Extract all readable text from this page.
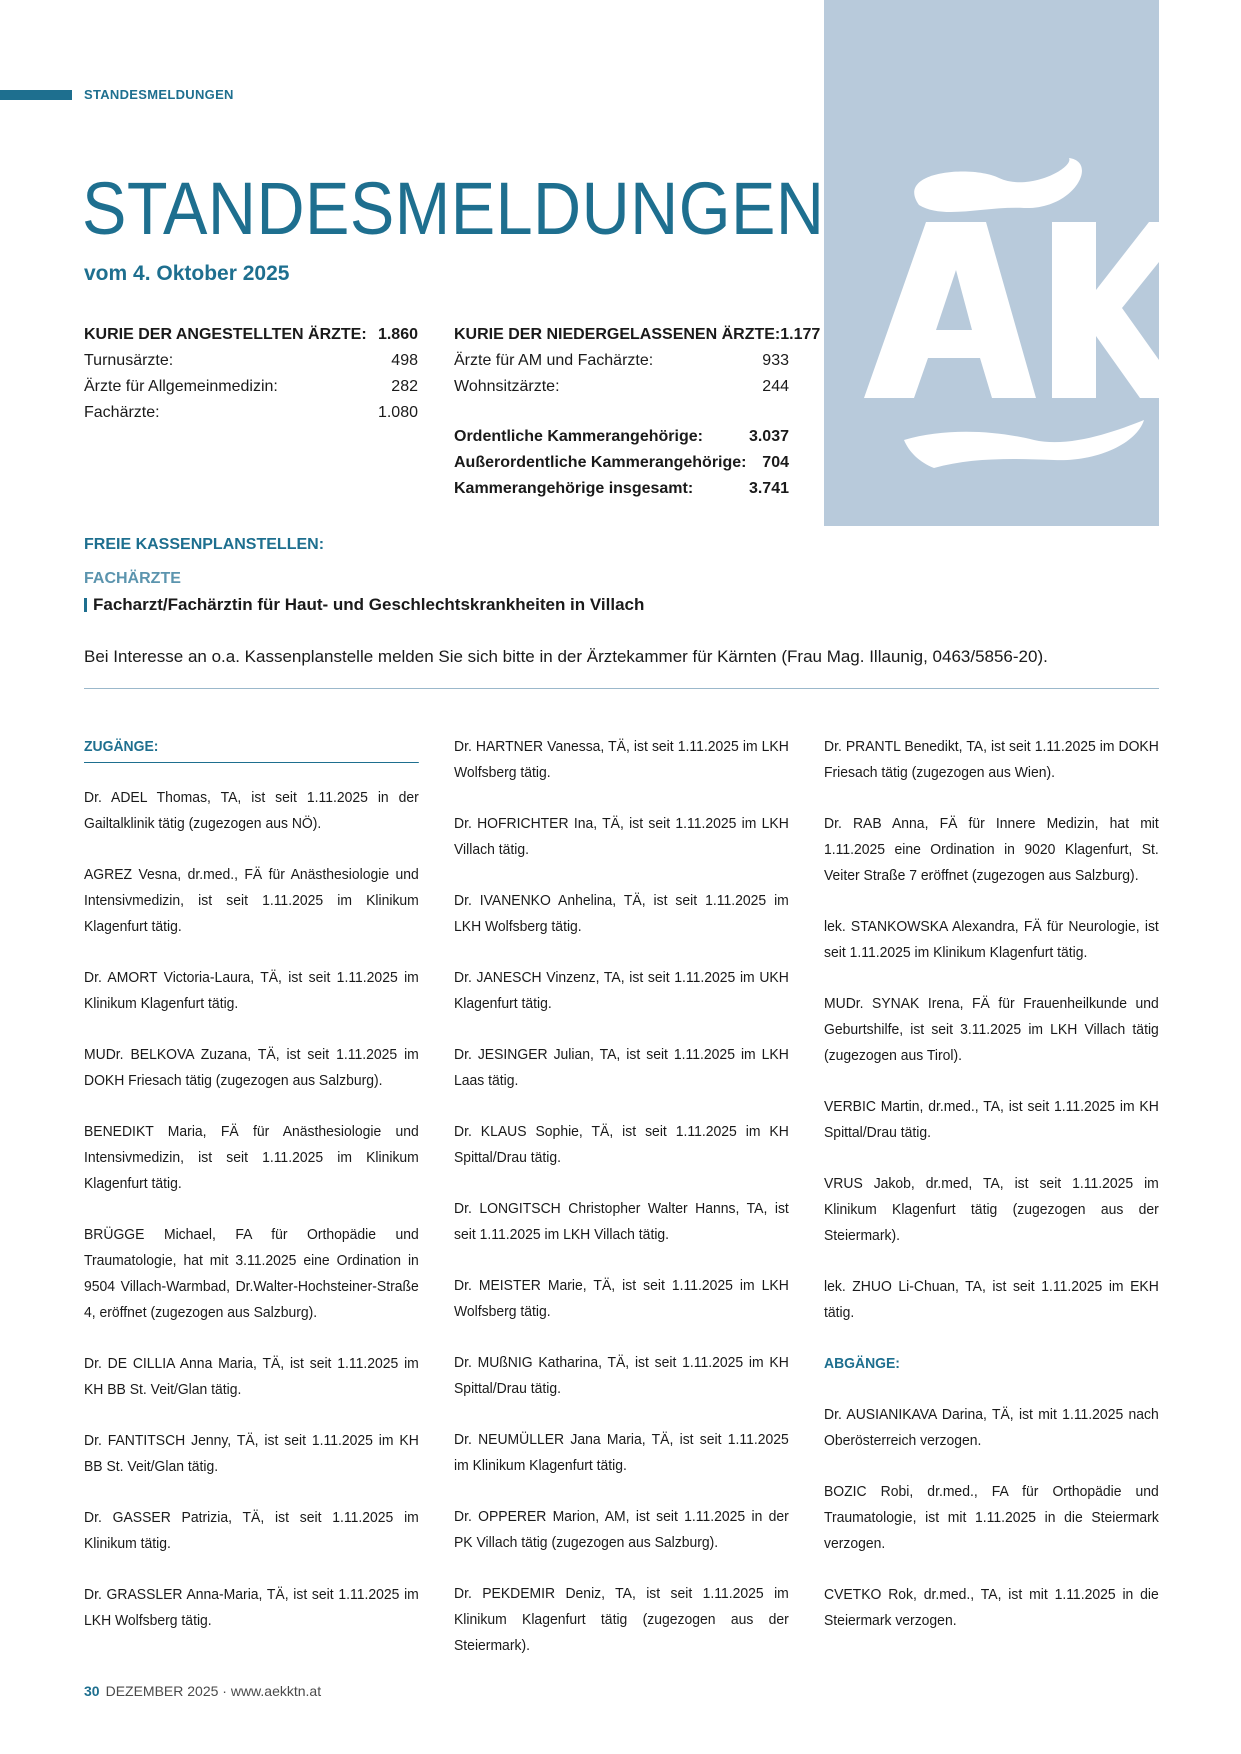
STANDESMELDUNGEN
STANDESMELDUNGEN
vom 4. Oktober 2025
KURIE DER ANGESTELLTEN ÄRZTE: 1.860
Turnusärzte:	498
Ärzte für Allgemeinmedizin:	282
Fachärzte:	1.080
KURIE DER NIEDERGELASSENEN ÄRZTE: 1.177
Ärzte für AM und Fachärzte:	933
Wohnsitzärzte:	244
Ordentliche Kammerangehörige:	3.037
Außerordentliche Kammerangehörige: 704
Kammerangehörige insgesamt:	3.741
FREIE KASSENPLANSTELLEN:
FACHÄRZTE
Facharzt/Fachärztin für Haut- und Geschlechtskrankheiten in Villach
Bei Interesse an o.a. Kassenplanstelle melden Sie sich bitte in der Ärztekammer für Kärnten (Frau Mag. Illaunig, 0463/5856-20).
ZUGÄNGE:
Dr. ADEL Thomas, TA, ist seit 1.11.2025 in der Gailtalklinik tätig (zugezogen aus NÖ).
AGREZ Vesna, dr.med., FÄ für Anästhesiologie und Intensivmedizin, ist seit 1.11.2025 im Klinikum Klagenfurt tätig.
Dr. AMORT Victoria-Laura, TÄ, ist seit 1.11.2025 im Klinikum Klagenfurt tätig.
MUDr. BELKOVA Zuzana, TÄ, ist seit 1.11.2025 im DOKH Friesach tätig (zugezogen aus Salzburg).
BENEDIKT Maria, FÄ für Anästhesiologie und Intensivmedizin, ist seit 1.11.2025 im Klinikum Klagenfurt tätig.
BRÜGGE Michael, FA für Orthopädie und Traumatologie, hat mit 3.11.2025 eine Ordination in 9504 Villach-Warmbad, Dr.Walter-Hochsteiner-Straße 4, eröffnet (zugezogen aus Salzburg).
Dr. DE CILLIA Anna Maria, TÄ, ist seit 1.11.2025 im KH BB St. Veit/Glan tätig.
Dr. FANTITSCH Jenny, TÄ, ist seit 1.11.2025 im KH BB St. Veit/Glan tätig.
Dr. GASSER Patrizia, TÄ, ist seit 1.11.2025 im Klinikum tätig.
Dr. GRASSLER Anna-Maria, TÄ, ist seit 1.11.2025 im LKH Wolfsberg tätig.
Dr. HARTNER Vanessa, TÄ, ist seit 1.11.2025 im LKH Wolfsberg tätig.
Dr. HOFRICHTER Ina, TÄ, ist seit 1.11.2025 im LKH Villach tätig.
Dr. IVANENKO Anhelina, TÄ, ist seit 1.11.2025 im LKH Wolfsberg tätig.
Dr. JANESCH Vinzenz, TA, ist seit 1.11.2025 im UKH Klagenfurt tätig.
Dr. JESINGER Julian, TA, ist seit 1.11.2025 im LKH Laas tätig.
Dr. KLAUS Sophie, TÄ, ist seit 1.11.2025 im KH Spittal/Drau tätig.
Dr. LONGITSCH Christopher Walter Hanns, TA, ist seit 1.11.2025 im LKH Villach tätig.
Dr. MEISTER Marie, TÄ, ist seit 1.11.2025 im LKH Wolfsberg tätig.
Dr. MUßNIG Katharina, TÄ, ist seit 1.11.2025 im KH Spittal/Drau tätig.
Dr. NEUMÜLLER Jana Maria, TÄ, ist seit 1.11.2025 im Klinikum Klagenfurt tätig.
Dr. OPPERER Marion, AM, ist seit 1.11.2025 in der PK Villach tätig (zugezogen aus Salzburg).
Dr. PEKDEMIR Deniz, TA, ist seit 1.11.2025 im Klinikum Klagenfurt tätig (zugezogen aus der Steiermark).
Dr. PRANTL Benedikt, TA, ist seit 1.11.2025 im DOKH Friesach tätig (zugezogen aus Wien).
Dr. RAB Anna, FÄ für Innere Medizin, hat mit 1.11.2025 eine Ordination in 9020 Klagenfurt, St. Veiter Straße 7 eröffnet (zugezogen aus Salzburg).
lek. STANKOWSKA Alexandra, FÄ für Neurologie, ist seit 1.11.2025 im Klinikum Klagenfurt tätig.
MUDr. SYNAK Irena, FÄ für Frauenheilkunde und Geburtshilfe, ist seit 3.11.2025 im LKH Villach tätig (zugezogen aus Tirol).
VERBIC Martin, dr.med., TA, ist seit 1.11.2025 im KH Spittal/Drau tätig.
VRUS Jakob, dr.med, TA, ist seit 1.11.2025 im Klinikum Klagenfurt tätig (zugezogen aus der Steiermark).
lek. ZHUO Li-Chuan, TA, ist seit 1.11.2025 im EKH tätig.
ABGÄNGE:
Dr. AUSIANIKAVA Darina, TÄ, ist mit 1.11.2025 nach Oberösterreich verzogen.
BOZIC Robi, dr.med., FA für Orthopädie und Traumatologie, ist mit 1.11.2025 in die Steiermark verzogen.
CVETKO Rok, dr.med., TA, ist mit 1.11.2025 in die Steiermark verzogen.
30 DEZEMBER 2025 · www.aekktn.at
